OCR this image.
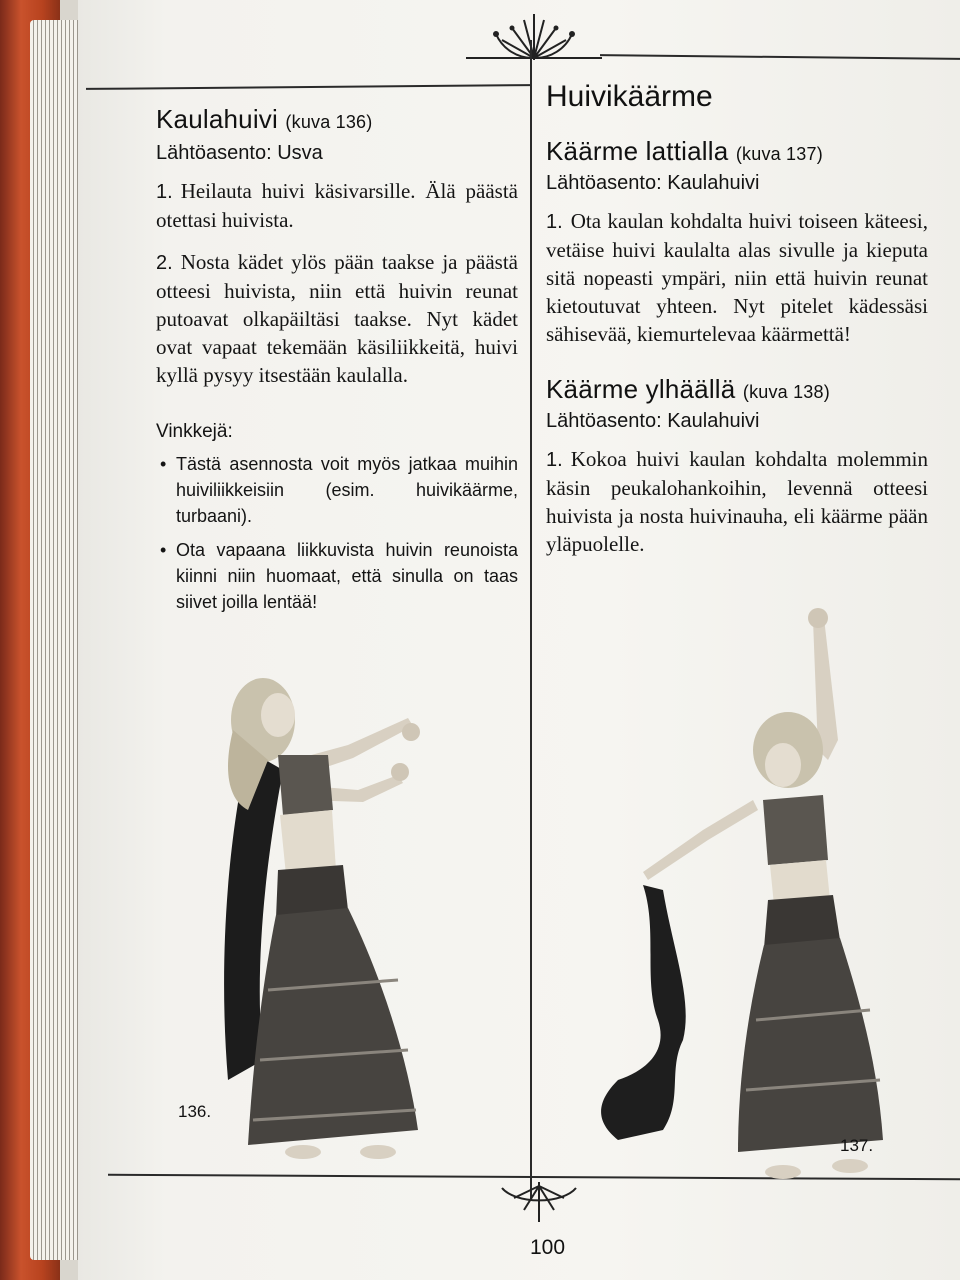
Kaulahuivi (kuva 136)
Lähtöasento: Usva
1. Heilauta huivi käsivarsille. Älä päästä otettasi huivista.
2. Nosta kädet ylös pään taakse ja päästä otteesi huivista, niin että huivin reunat putoavat olkapäiltäsi taakse. Nyt kädet ovat vapaat tekemään käsiliikkeitä, huivi kyllä pysyy itsestään kaulalla.
Vinkkejä:
• Tästä asennosta voit myös jatkaa muihin huiviliikkeisiin (esim. huivikäärme, turbaani).
• Ota vapaana liikkuvista huivin reunoista kiinni niin huomaat, että sinulla on taas siivet joilla lentää!
136.
Huivikäärme
Käärme lattialla (kuva 137)
Lähtöasento: Kaulahuivi
1. Ota kaulan kohdalta huivi toiseen käteesi, vetäise huivi kaulalta alas sivulle ja kieputa sitä nopeasti ympäri, niin että huivin reunat kietoutuvat yhteen. Nyt pitelet kädessäsi sähisevää, kiemurtelevaa käärmettä!
Käärme ylhäällä (kuva 138)
Lähtöasento: Kaulahuivi
1. Kokoa huivi kaulan kohdalta molemmin käsin peukalohankoihin, levennä otteesi huivista ja nosta huivinauha, eli käärme pään yläpuolelle.
137.
100
